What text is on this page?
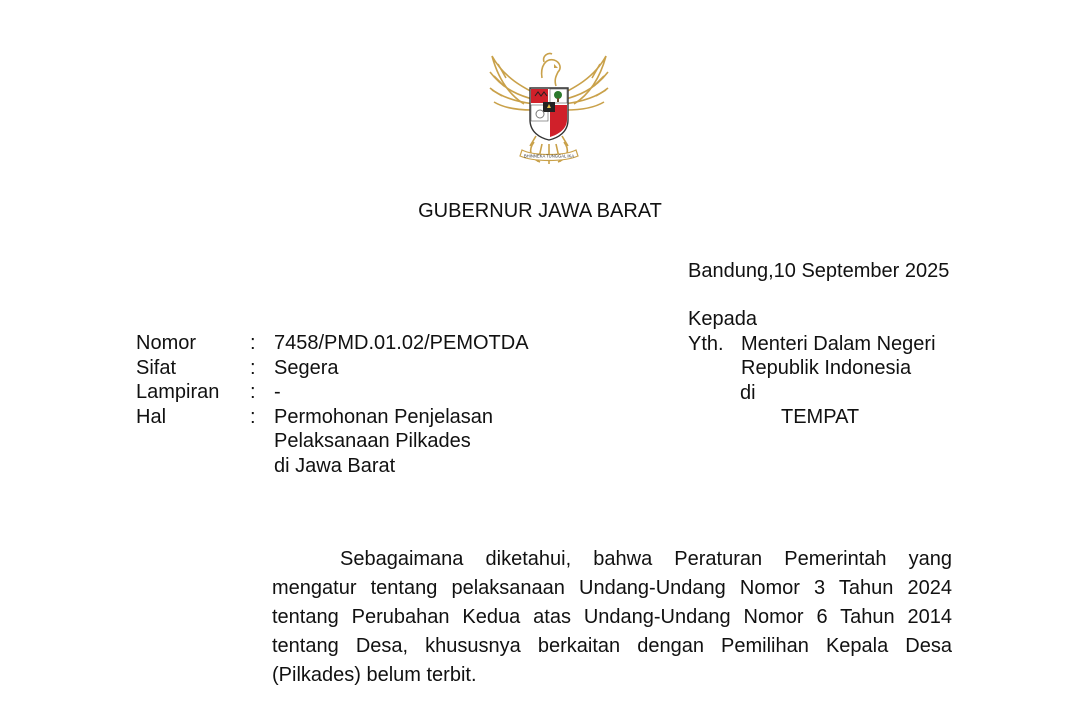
BHINNEKA TUNGGAL IKA
GUBERNUR JAWA BARAT
Bandung,10 September 2025
Nomor	: 7458/PMD.01.02/PEMOTDA
Sifat	: Segera
Lampiran	: -
Hal	: Permohonan Penjelasan
Pelaksanaan Pilkades
di Jawa Barat
Kepada
Yth. Menteri Dalam Negeri
Republik Indonesia
di
TEMPAT
Sebagaimana diketahui, bahwa Peraturan Pemerintah yang mengatur tentang pelaksanaan Undang-Undang Nomor 3 Tahun 2024 tentang Perubahan Kedua atas Undang-Undang Nomor 6 Tahun 2014 tentang Desa, khususnya berkaitan dengan Pemilihan Kepala Desa (Pilkades) belum terbit.
